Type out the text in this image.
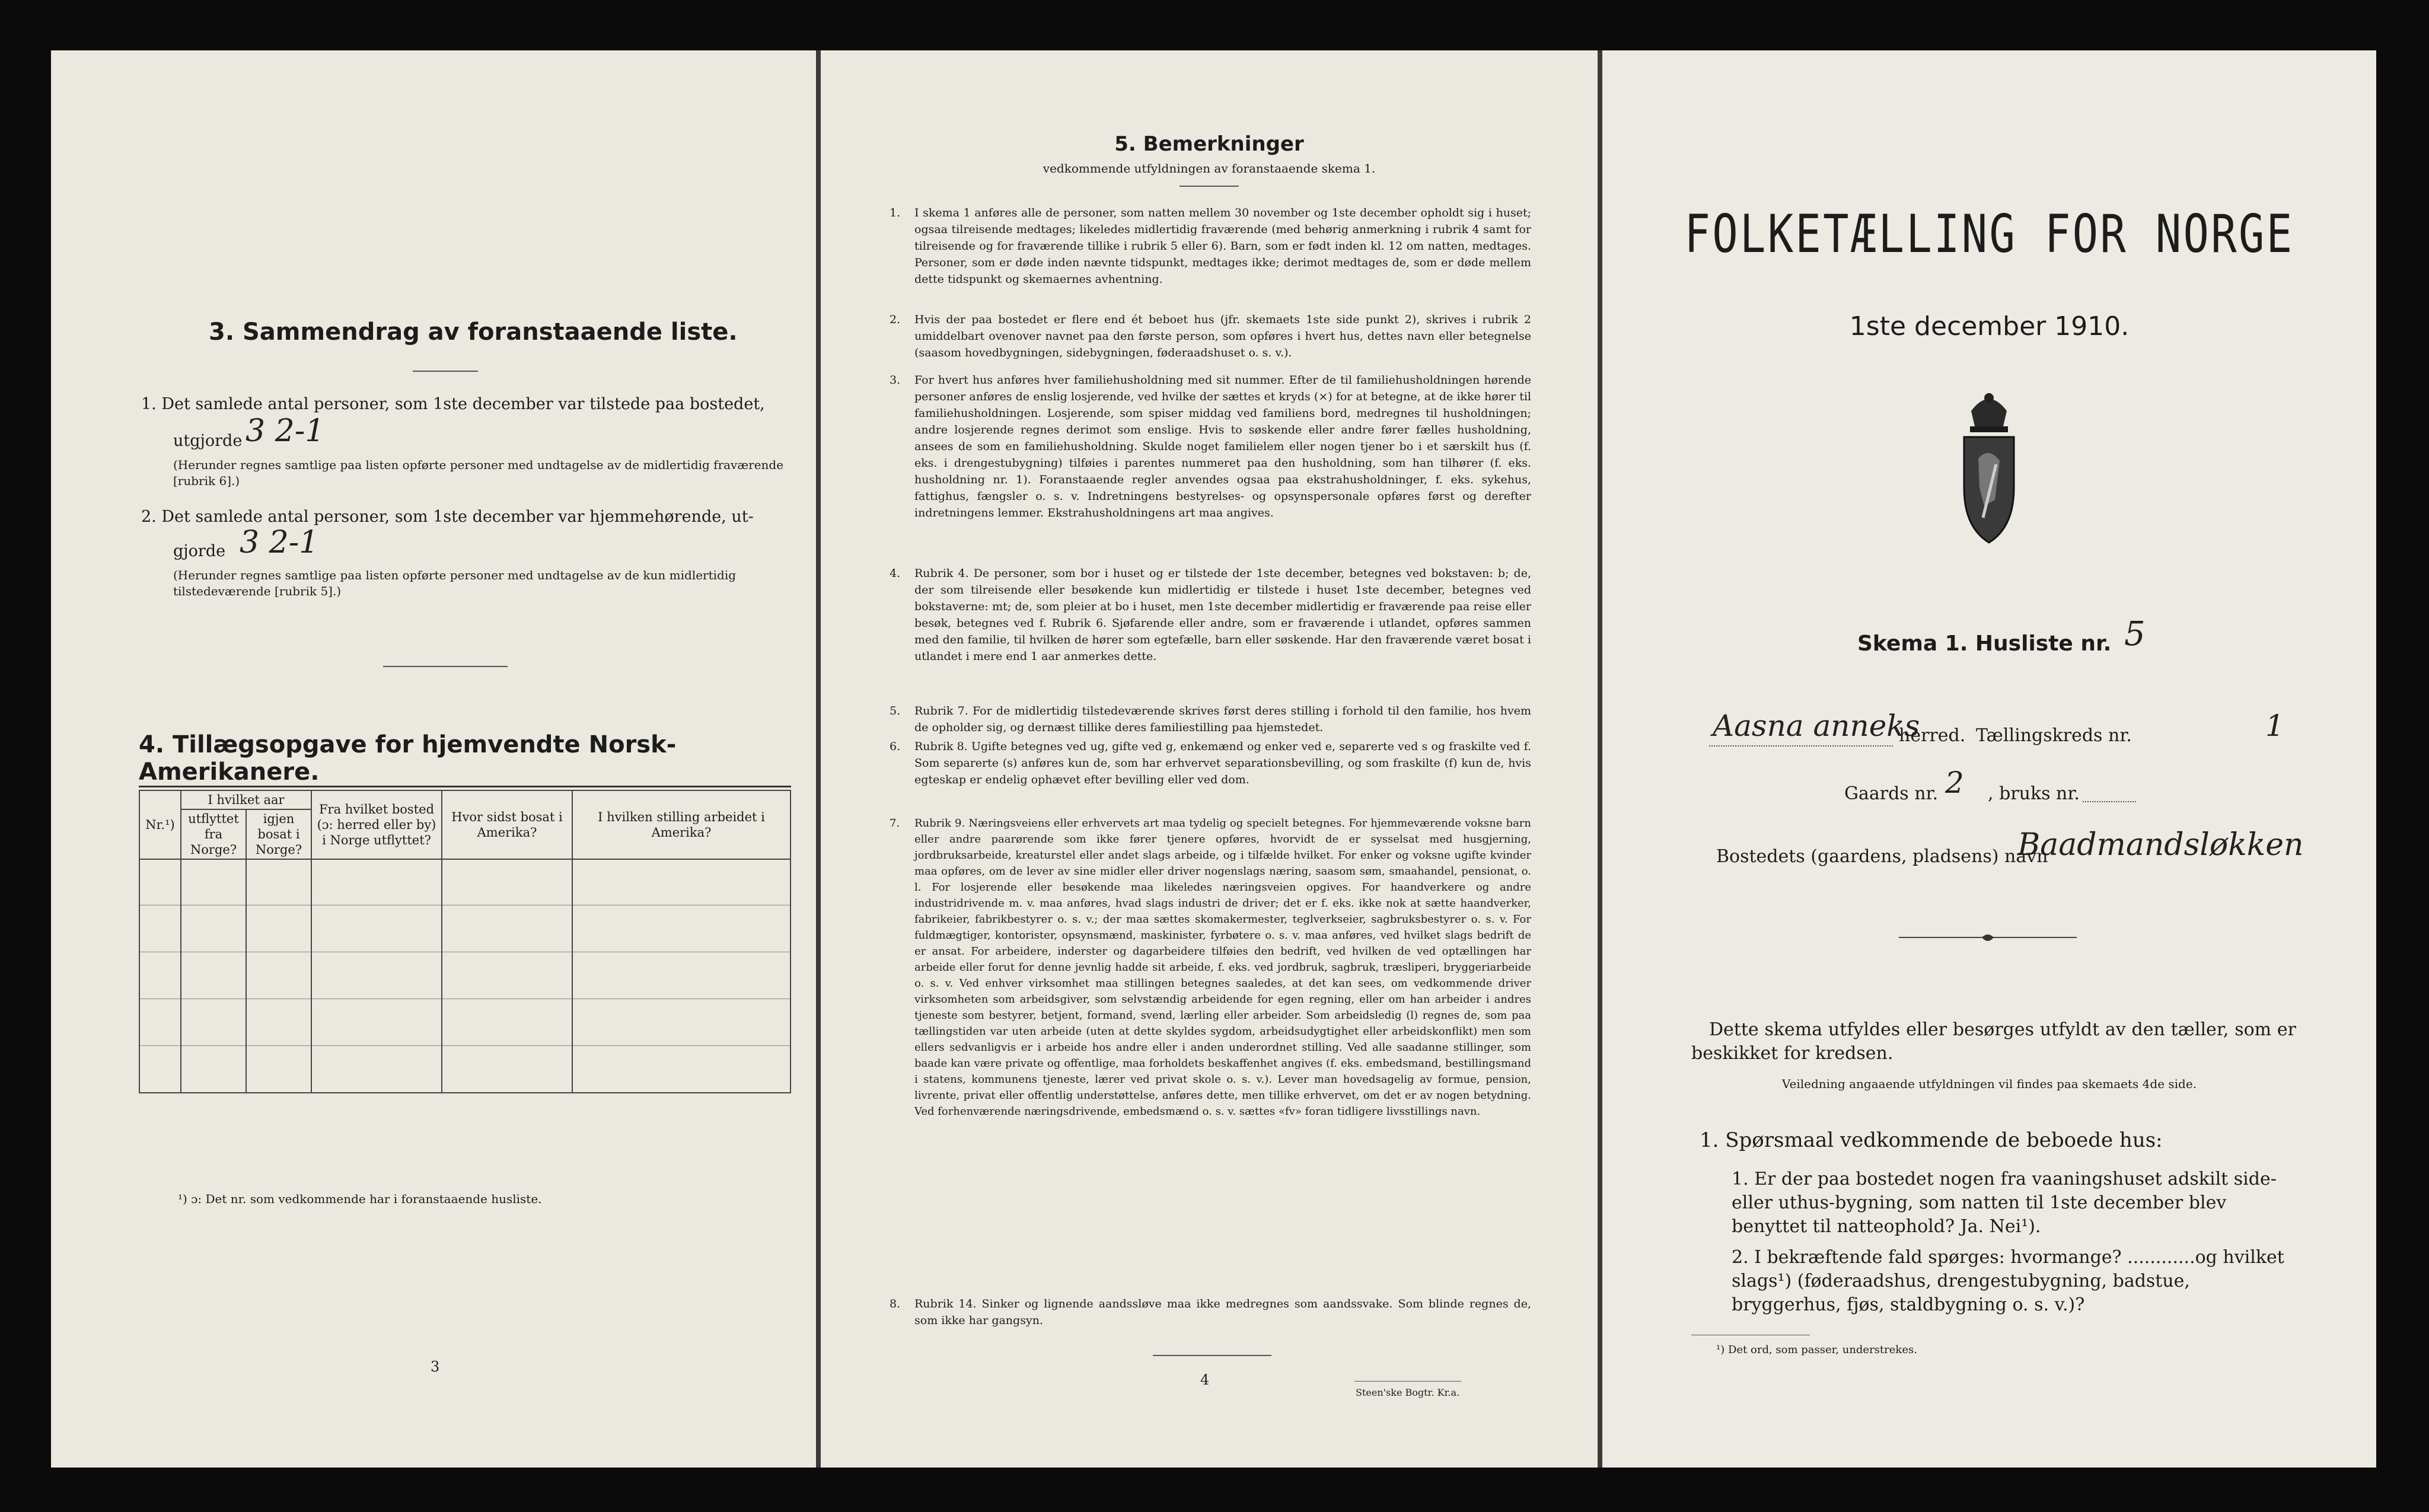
3. Sammendrag av foranstaaende liste.
1. Det samlede antal personer, som 1ste december var tilstede paa bostedet,
utgjorde 3 2-1
(Herunder regnes samtlige paa listen opførte personer med undtagelse av de midlertidig fraværende [rubrik 6].)
2. Det samlede antal personer, som 1ste december var hjemmehørende, ut-
gjorde 3 2-1
(Herunder regnes samtlige paa listen opførte personer med undtagelse av de kun midlertidig tilstedeværende [rubrik 5].)
4. Tillægsopgave for hjemvendte Norsk-Amerikanere.
Nr.¹)	I hvilket aar		Fra hvilket bosted (ɔ: herred eller by) i Norge utflyttet?	Hvor sidst bosat i Amerika?	I hvilken stilling arbeidet i Amerika?
	utflyttet fra Norge?	igjen bosat i Norge?			

¹) ɔ: Det nr. som vedkommende har i foranstaaende husliste.
3
5. Bemerkninger
vedkommende utfyldningen av foranstaaende skema 1.
1. I skema 1 anføres alle de personer, som natten mellem 30 november og 1ste december opholdt sig i huset; ogsaa tilreisende medtages; likeledes midlertidig fraværende (med behørig anmerkning i rubrik 4 samt for tilreisende og for fraværende tillike i rubrik 5 eller 6). Barn, som er født inden kl. 12 om natten, medtages. Personer, som er døde inden nævnte tidspunkt, medtages ikke; derimot medtages de, som er døde mellem dette tidspunkt og skemaernes avhentning.
2. Hvis der paa bostedet er flere end ét beboet hus (jfr. skemaets 1ste side punkt 2), skrives i rubrik 2 umiddelbart ovenover navnet paa den første person, som opføres i hvert hus, dettes navn eller betegnelse (saasom hovedbygningen, sidebygningen, føderaadshuset o. s. v.).
3. For hvert hus anføres hver familiehusholdning med sit nummer. Efter de til familiehusholdningen hørende personer anføres de enslig losjerende, ved hvilke der sættes et kryds (×) for at betegne, at de ikke hører til familiehusholdningen. Losjerende, som spiser middag ved familiens bord, medregnes til husholdningen; andre losjerende regnes derimot som enslige. Hvis to søskende eller andre fører fælles husholdning, ansees de som en familiehusholdning. Skulde noget familielem eller nogen tjener bo i et særskilt hus (f. eks. i drengestubygning) tilføies i parentes nummeret paa den husholdning, som han tilhører (f. eks. husholdning nr. 1). Foranstaaende regler anvendes ogsaa paa ekstrahusholdninger, f. eks. sykehus, fattighus, fængsler o. s. v. Indretningens bestyrelses- og opsynspersonale opføres først og derefter indretningens lemmer. Ekstrahusholdningens art maa angives.
4. Rubrik 4. De personer, som bor i huset og er tilstede der 1ste december, betegnes ved bokstaven: b; de, der som tilreisende eller besøkende kun midlertidig er tilstede i huset 1ste december, betegnes ved bokstaverne: mt; de, som pleier at bo i huset, men 1ste december midlertidig er fraværende paa reise eller besøk, betegnes ved f. Rubrik 6. Sjøfarende eller andre, som er fraværende i utlandet, opføres sammen med den familie, til hvilken de hører som egtefælle, barn eller søskende. Har den fraværende været bosat i utlandet i mere end 1 aar anmerkes dette.
5. Rubrik 7. For de midlertidig tilstedeværende skrives først deres stilling i forhold til den familie, hos hvem de opholder sig, og dernæst tillike deres familiestilling paa hjemstedet.
6. Rubrik 8. Ugifte betegnes ved ug, gifte ved g, enkemænd og enker ved e, separerte ved s og fraskilte ved f. Som separerte (s) anføres kun de, som har erhvervet separationsbevilling, og som fraskilte (f) kun de, hvis egteskap er endelig ophævet efter bevilling eller ved dom.
7. Rubrik 9. Næringsveiens eller erhvervets art maa tydelig og specielt betegnes. For hjemmeværende voksne barn eller andre paarørende som ikke fører tjenere opføres, hvorvidt de er sysselsat med husgjerning, jordbruksarbeide, kreaturstel eller andet slags arbeide, og i tilfælde hvilket. For enker og voksne ugifte kvinder maa opføres, om de lever av sine midler eller driver nogenslags næring, saasom søm, smaahandel, pensionat, o. l. For losjerende eller besøkende maa likeledes næringsveien opgives. For haandverkere og andre industridrivende m. v. maa anføres, hvad slags industri de driver; det er f. eks. ikke nok at sætte haandverker, fabrikeier, fabrikbestyrer o. s. v.; der maa sættes skomakermester, teglverkseier, sagbruksbestyrer o. s. v. For fuldmægtiger, kontorister, opsynsmænd, maskinister, fyrbøtere o. s. v. maa anføres, ved hvilket slags bedrift de er ansat. For arbeidere, inderster og dagarbeidere tilføies den bedrift, ved hvilken de ved optællingen har arbeide eller forut for denne jevnlig hadde sit arbeide, f. eks. ved jordbruk, sagbruk, træsliperi, bryggeriarbeide o. s. v. Ved enhver virksomhet maa stillingen betegnes saaledes, at det kan sees, om vedkommende driver virksomheten som arbeidsgiver, som selvstændig arbeidende for egen regning, eller om han arbeider i andres tjeneste som bestyrer, betjent, formand, svend, lærling eller arbeider. Som arbeidsledig (l) regnes de, som paa tællingstiden var uten arbeide (uten at dette skyldes sygdom, arbeidsudygtighet eller arbeidskonflikt) men som ellers sedvanligvis er i arbeide hos andre eller i anden underordnet stilling. Ved alle saadanne stillinger, som baade kan være private og offentlige, maa forholdets beskaffenhet angives (f. eks. embedsmand, bestillingsmand i statens, kommunens tjeneste, lærer ved privat skole o. s. v.). Lever man hovedsagelig av formue, pension, livrente, privat eller offentlig understøttelse, anføres dette, men tillike erhvervet, om det er av nogen betydning. Ved forhenværende næringsdrivende, embedsmænd o. s. v. sættes «fv» foran tidligere livsstillings navn.
8. Rubrik 14. Sinker og lignende aandssløve maa ikke medregnes som aandssvake. Som blinde regnes de, som ikke har gangsyn.
4
Steen'ske Bogtr. Kr.a.
FOLKETÆLLING FOR NORGE
1ste december 1910.
Skema 1. Husliste nr. 5
Aasna anneks
herred. Tællingskreds nr.	1
Gaards nr. 2 , bruks nr.
Bostedets (gaardens, pladsens) navn
Baadmandsløkken
Dette skema utfyldes eller besørges utfyldt av den tæller, som er beskikket for kredsen.
Veiledning angaaende utfyldningen vil findes paa skemaets 4de side.
1. Spørsmaal vedkommende de beboede hus:
1. Er der paa bostedet nogen fra vaaningshuset adskilt side- eller uthus-bygning, som natten til 1ste december blev benyttet til natteophold? Ja. Nei¹).
2. I bekræftende fald spørges: hvormange? ............og hvilket slags¹) (føderaadshus, drengestubygning, badstue, bryggerhus, fjøs, staldbygning o. s. v.)?
¹) Det ord, som passer, understrekes.
